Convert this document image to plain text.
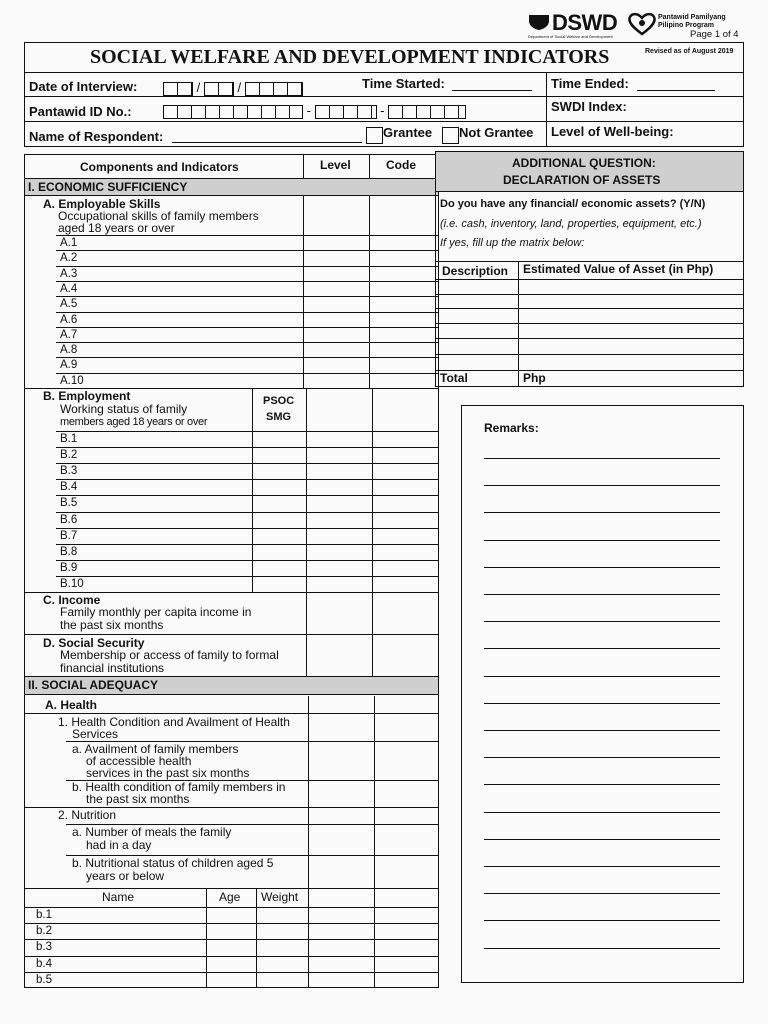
DSWD
Department of Social Welfare and Development
Pantawid Pamilyang
Pilipino Program
Page 1 of 4
SOCIAL WELFARE AND DEVELOPMENT INDICATORS	Revised as of August 2019
Date of Interview:	/  /	Time Started:	Time Ended:
Pantawid ID No.:	-	-	SWDI Index:
Name of Respondent:	Grantee Not Grantee Level of Well-being:
Components and Indicators	Level	Code
I. ECONOMIC SUFFICIENCY
A. Employable Skills
Occupational skills of family members
aged 18 years or over
A.1
A.2
A.3
A.4
A.5
A.6
A.7
A.8
A.9
A.10
B. Employment
Working status of family
members aged 18 years or over
PSOC
SMG
B.1
B.2
B.3
B.4
B.5
B.6
B.7
B.8
B.9
B.10
C. Income
Family monthly per capita income in
the past six months
D. Social Security
Membership or access of family to formal
financial institutions
II. SOCIAL ADEQUACY
A. Health
1. Health Condition and Availment of Health
Services
a. Availment of family members
of accessible health
services in the past six months
b. Health condition of family members in
the past six months
2. Nutrition
a. Number of meals the family
had in a day
b. Nutritional status of children aged 5
years or below
Name	Age Weight
b.1
b.2
b.3
b.4
b.5
ADDITIONAL QUESTION:
DECLARATION OF ASSETS
Do you have any financial/ economic assets? (Y/N)
(i.e. cash, inventory, land, properties, equipment, etc.)
If yes, fill up the matrix below:
Description Estimated Value of Asset (in Php)
Total	Php
Remarks:
